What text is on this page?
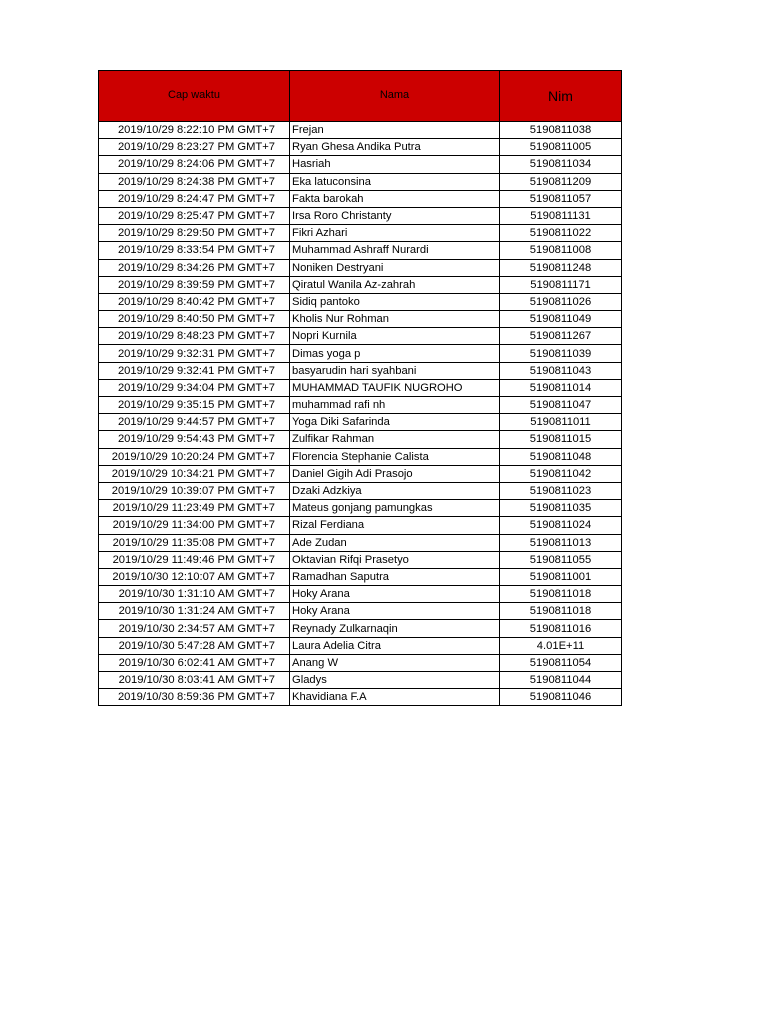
Cap waktu	Nama	Nim
2019/10/29 8:22:10 PM GMT+7	Frejan	5190811038
2019/10/29 8:23:27 PM GMT+7	Ryan Ghesa Andika Putra	5190811005
2019/10/29 8:24:06 PM GMT+7	Hasriah	5190811034
2019/10/29 8:24:38 PM GMT+7	Eka latuconsina	5190811209
2019/10/29 8:24:47 PM GMT+7	Fakta barokah	5190811057
2019/10/29 8:25:47 PM GMT+7	Irsa Roro Christanty	5190811131
2019/10/29 8:29:50 PM GMT+7	Fikri Azhari	5190811022
2019/10/29 8:33:54 PM GMT+7	Muhammad Ashraff Nurardi	5190811008
2019/10/29 8:34:26 PM GMT+7	Noniken Destryani	5190811248
2019/10/29 8:39:59 PM GMT+7	Qiratul Wanila Az-zahrah	5190811171
2019/10/29 8:40:42 PM GMT+7	Sidiq pantoko	5190811026
2019/10/29 8:40:50 PM GMT+7	Kholis Nur Rohman	5190811049
2019/10/29 8:48:23 PM GMT+7	Nopri Kurnila	5190811267
2019/10/29 9:32:31 PM GMT+7	Dimas yoga p	5190811039
2019/10/29 9:32:41 PM GMT+7	basyarudin hari syahbani	5190811043
2019/10/29 9:34:04 PM GMT+7	MUHAMMAD TAUFIK NUGROHO	5190811014
2019/10/29 9:35:15 PM GMT+7	muhammad rafi nh	5190811047
2019/10/29 9:44:57 PM GMT+7	Yoga Diki Safarinda	5190811011
2019/10/29 9:54:43 PM GMT+7	Zulfikar Rahman	5190811015
2019/10/29 10:20:24 PM GMT+7	Florencia Stephanie Calista	5190811048
2019/10/29 10:34:21 PM GMT+7	Daniel Gigih Adi Prasojo	5190811042
2019/10/29 10:39:07 PM GMT+7	Dzaki Adzkiya	5190811023
2019/10/29 11:23:49 PM GMT+7	Mateus gonjang pamungkas	5190811035
2019/10/29 11:34:00 PM GMT+7	Rizal Ferdiana	5190811024
2019/10/29 11:35:08 PM GMT+7	Ade Zudan	5190811013
2019/10/29 11:49:46 PM GMT+7	Oktavian Rifqi Prasetyo	5190811055
2019/10/30 12:10:07 AM GMT+7	Ramadhan Saputra	5190811001
2019/10/30 1:31:10 AM GMT+7	Hoky Arana	5190811018
2019/10/30 1:31:24 AM GMT+7	Hoky Arana	5190811018
2019/10/30 2:34:57 AM GMT+7	Reynady Zulkarnaqin	5190811016
2019/10/30 5:47:28 AM GMT+7	Laura Adelia Citra	4.01E+11
2019/10/30 6:02:41 AM GMT+7	Anang W	5190811054
2019/10/30 8:03:41 AM GMT+7	Gladys	5190811044
2019/10/30 8:59:36 PM GMT+7	Khavidiana F.A	5190811046
